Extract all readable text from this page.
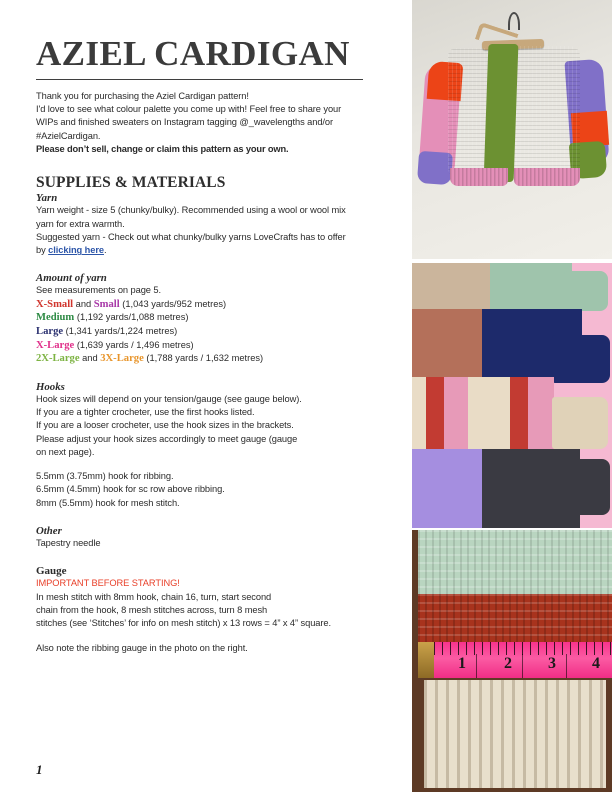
AZIEL CARDIGAN

Thank you for purchasing the Aziel Cardigan pattern!

I'd love to see what colour palette you come up with! Feel free to share your

WIPs and finished sweaters on Instagram tagging @_wavelengths and/or

#AzielCardigan.

Please don’t sell, change or claim this pattern as your own.

SUPPLIES & MATERIALS
Yarn

Yarn weight - size 5 (chunky/bulky). Recommended using a wool or wool mix

yarn for extra warmth.

Suggested yarn - Check out what chunky/bulky yarns LoveCrafts has to offer

by clicking here.

Amount of yarn

See measurements on page 5.

X-Small and Small (1,043 yards/952 metres)
Medium (1,192 yards/1,088 metres)
Large (1,341 yards/1,224 metres)
X-Large (1,639 yards / 1,496 metres)
2X-Large and 3X-Large (1,788 yards / 1,632 metres)
Hooks

Hook sizes will depend on your tension/gauge (see gauge below).

If you are a tighter crocheter, use the first hooks listed.

If you are a looser crocheter, use the hook sizes in the brackets.

Please adjust your hook sizes accordingly to meet gauge (gauge

on next page).

5.5mm (3.75mm) hook for ribbing.

6.5mm (4.5mm) hook for sc row above ribbing.

8mm (5.5mm) hook for mesh stitch.

Other

Tapestry needle

Gauge

IMPORTANT BEFORE STARTING!

In mesh stitch with 8mm hook, chain 16, turn, start second

chain from the hook, 8 mesh stitches across, turn 8 mesh

stitches (see ‘Stitches’ for info on mesh stitch) x 13 rows = 4” x 4” square.

Also note the ribbing gauge in the photo on the right.

1
1 2 3 4
